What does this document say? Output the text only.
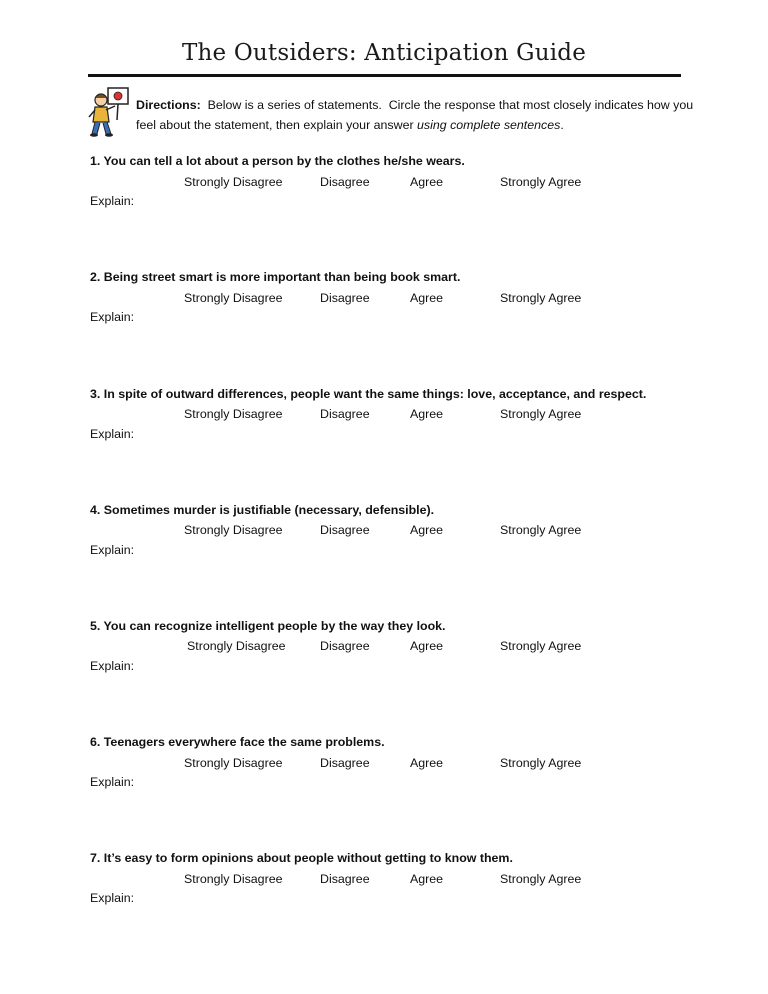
The Outsiders: Anticipation Guide
Directions:  Below is a series of statements.  Circle the response that most closely indicates how you feel about the statement, then explain your answer using complete sentences.
1. You can tell a lot about a person by the clothes he/she wears.
Strongly Disagree	Disagree	Agree	Strongly Agree
Explain:
2. Being street smart is more important than being book smart.
Strongly Disagree	Disagree	Agree	Strongly Agree
Explain:
3. In spite of outward differences, people want the same things: love, acceptance, and respect.
Strongly Disagree	Disagree	Agree	Strongly Agree
Explain:
4. Sometimes murder is justifiable (necessary, defensible).
Strongly Disagree	Disagree	Agree	Strongly Agree
Explain:
5. You can recognize intelligent people by the way they look.
Strongly Disagree	Disagree	Agree	Strongly Agree
Explain:
6. Teenagers everywhere face the same problems.
Strongly Disagree	Disagree	Agree	Strongly Agree
Explain:
7. It’s easy to form opinions about people without getting to know them.
Strongly Disagree	Disagree	Agree	Strongly Agree
Explain:
